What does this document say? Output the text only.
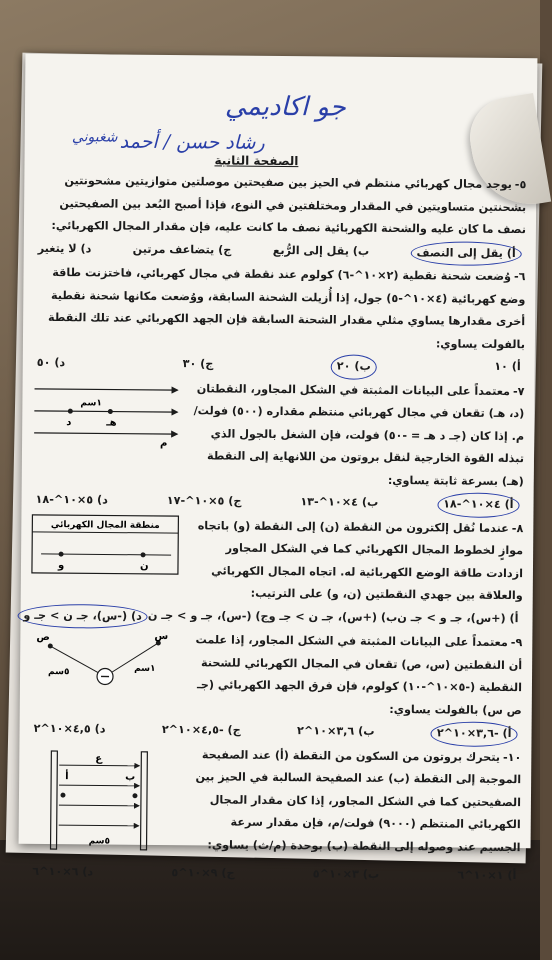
جو اكاديمي
رشاد حسن / أحمد
شغبوني
الصفحة الثانية

٥-يوجد مجال كهربائي منتظم في الحيز بين صفيحتين موصلتين متوازيتين مشحونتين بشحنتين متساويتين في المقدار ومختلفتين في النوع، فإذا أصبح البُعد بين الصفيحتين نصف ما كان عليه والشحنة الكهربائية نصف ما كانت عليه، فإن مقدار المجال الكهربائي:

أ) يقل إلى النصف
ب) يقل إلى الرُّبع
ج) يتضاعف مرتين
د) لا يتغير

٦-وُضعت شحنة نقطية (٢×١٠^-٦) كولوم عند نقطة في مجال كهربائي، فاختزنت طاقة وضع كهربائية (٤×١٠^-٥) جول، إذا أُزيلت الشحنة السابقة، ووُضعت مكانها شحنة نقطية أخرى مقدارها يساوي مثلي مقدار الشحنة السابقة فإن الجهد الكهربائي عند تلك النقطة بالفولت يساوي:

أ) ١٠
ب) ٢٠
ج) ٣٠
د) ٥٠

٧-معتمداً على البيانات المثبتة في الشكل المجاور، النقطتان (د، هـ) تقعان في مجال كهربائي منتظم مقداره (٥٠٠) فولت/م. إذا كان (جـ د هـ = -٥٠) فولت، فإن الشغل بالجول الذي تبذله القوة الخارجية لنقل بروتون من اللانهاية إلى النقطة (هـ) بسرعة ثابتة يساوي:

د	هـ
١سم
م
أ) ٤×١٠^-١٨
ب) ٤×١٠^-١٣
ج) ٥×١٠^-١٧
د) ٥×١٠^-١٨

٨-عندما نُقل إلكترون من النقطة (ن) إلى النقطة (و) باتجاه موازٍ لخطوط المجال الكهربائي كما في الشكل المجاور ازدادت طاقة الوضع الكهربائية له. اتجاه المجال الكهربائي والعلاقة بين جهدي النقطتين (ن، و) على الترتيب:

منطقة المجال الكهربائي
و	ن
أ) (+س)، جـ و > جـ ن
ب) (+س)، جـ ن > جـ و
ج) (-س)، جـ و > جـ ن
د) (-س)، جـ ن > جـ و

٩-معتمداً على البيانات المثبتة في الشكل المجاور، إذا علمت أن النقطتين (س، ص) تقعان في المجال الكهربائي للشحنة النقطية (-٥×١٠^-١٠) كولوم، فإن فرق الجهد الكهربائي (جـ ص س) بالفولت يساوي:

ص	س
١سم
٥سم
أ) -٣,٦×١٠^٢
ب) ٣,٦×١٠^٢
ج) -٤,٥×١٠^٢
د) ٤,٥×١٠^٢

١٠-يتحرك بروتون من السكون من النقطة (أ) عند الصفيحة الموجبة إلى النقطة (ب) عند الصفيحة السالبة في الحيز بين الصفيحتين كما في الشكل المجاور، إذا كان مقدار المجال الكهربائي المنتظم (٩٠٠٠) فولت/م، فإن مقدار سرعة الجسيم عند وصوله إلى النقطة (ب) بوحدة (م/ث) يساوي:

أ	ب
ع
٥سم
أ) ١×١٠^٦
ب) ٣×١٠^٥
ج) ٩×١٠^٥
د) ٦×١٠^٦
